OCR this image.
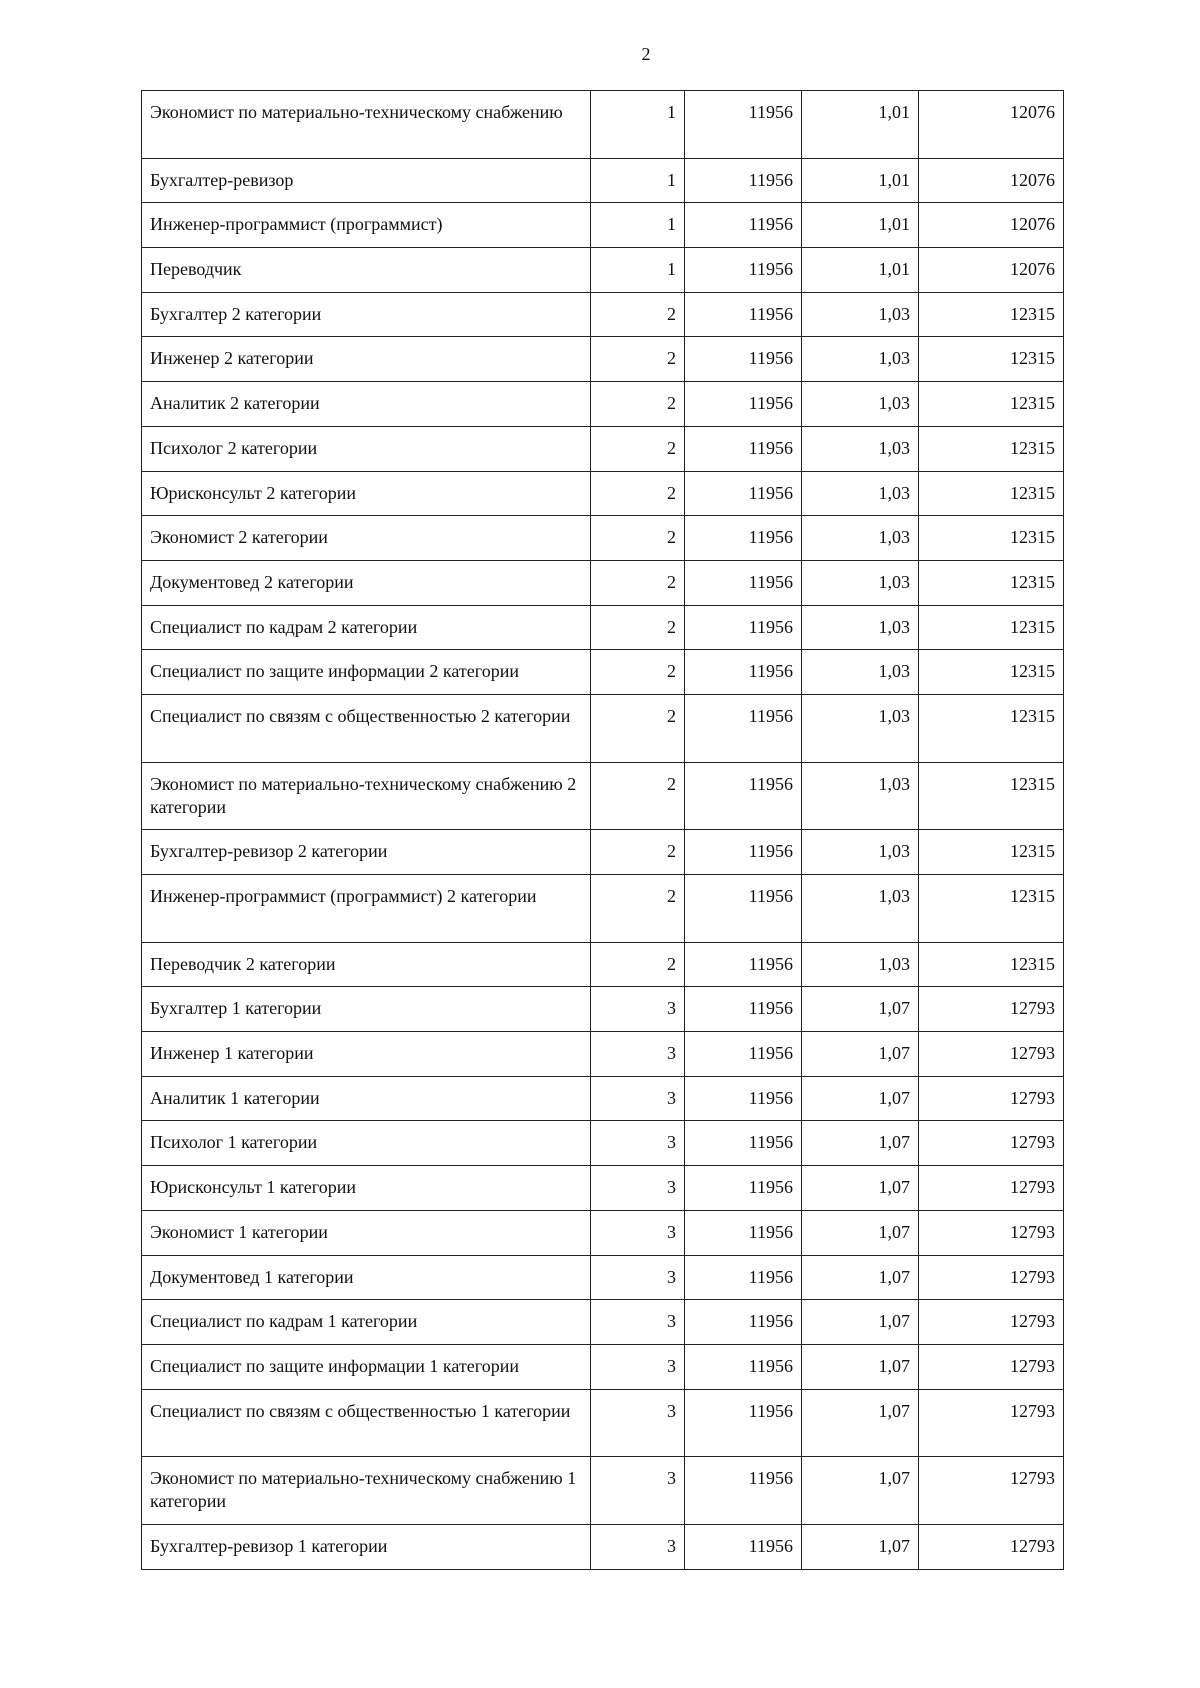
2
Экономист по материально-техническому снабжению	1	11956	1,01	12076
Бухгалтер-ревизор	1	11956	1,01	12076
Инженер-программист (программист)	1	11956	1,01	12076
Переводчик	1	11956	1,01	12076
Бухгалтер 2 категории	2	11956	1,03	12315
Инженер 2 категории	2	11956	1,03	12315
Аналитик 2 категории	2	11956	1,03	12315
Психолог 2 категории	2	11956	1,03	12315
Юрисконсульт 2 категории	2	11956	1,03	12315
Экономист 2 категории	2	11956	1,03	12315
Документовед 2 категории	2	11956	1,03	12315
Специалист по кадрам 2 категории	2	11956	1,03	12315
Специалист по защите информации 2 категории	2	11956	1,03	12315
Специалист по связям с общественностью 2 категории	2	11956	1,03	12315
Экономист по материально-техническому снабжению 2 категории	2	11956	1,03	12315
Бухгалтер-ревизор 2 категории	2	11956	1,03	12315
Инженер-программист (программист) 2 категории	2	11956	1,03	12315
Переводчик 2 категории	2	11956	1,03	12315
Бухгалтер 1 категории	3	11956	1,07	12793
Инженер 1 категории	3	11956	1,07	12793
Аналитик 1 категории	3	11956	1,07	12793
Психолог 1 категории	3	11956	1,07	12793
Юрисконсульт 1 категории	3	11956	1,07	12793
Экономист 1 категории	3	11956	1,07	12793
Документовед 1 категории	3	11956	1,07	12793
Специалист по кадрам 1 категории	3	11956	1,07	12793
Специалист по защите информации 1 категории	3	11956	1,07	12793
Специалист по связям с общественностью 1 категории	3	11956	1,07	12793
Экономист по материально-техническому снабжению 1 категории	3	11956	1,07	12793
Бухгалтер-ревизор 1 категории	3	11956	1,07	12793
